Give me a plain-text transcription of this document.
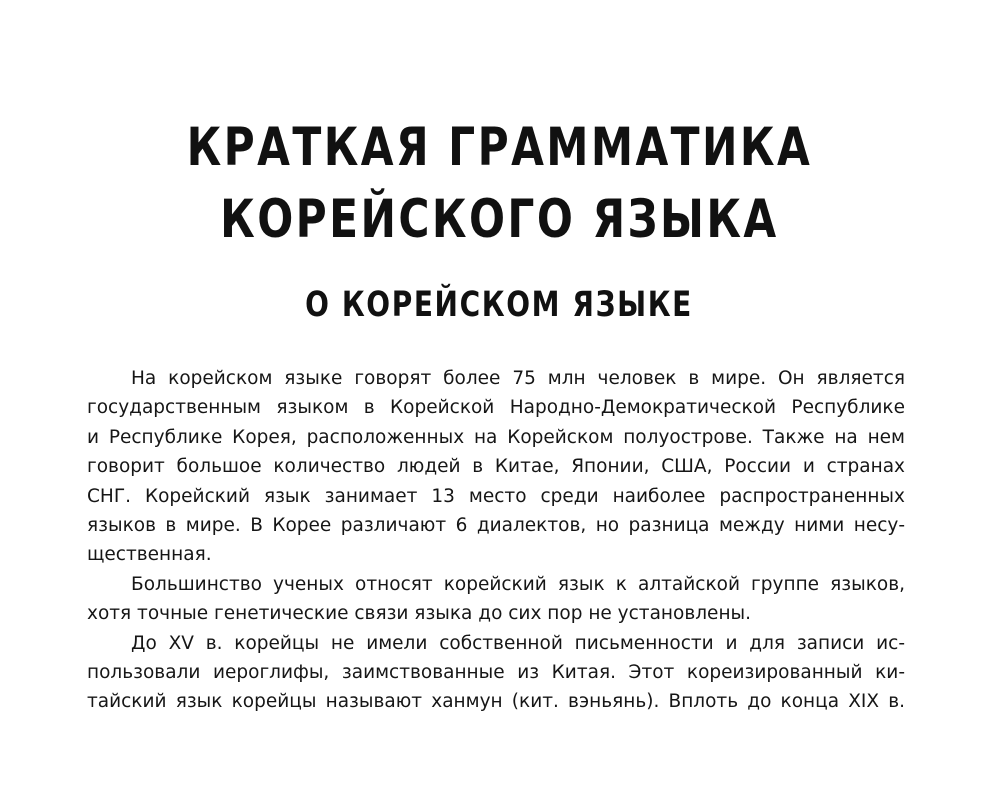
КРАТКАЯ ГРАММАТИКА
КОРЕЙСКОГО ЯЗЫКА
О КОРЕЙСКОМ ЯЗЫКЕ
На корейском языке говорят более 75 млн человек в мире. Он является
государственным языком в Корейской Народно-Демократической Республике
и Республике Корея, расположенных на Корейском полуострове. Также на нем
говорит большое количество людей в Китае, Японии, США, России и странах
СНГ. Корейский язык занимает 13 место среди наиболее распространенных
языков в мире. В Корее различают 6 диалектов, но разница между ними несу-
щественная.
Большинство ученых относят корейский язык к алтайской группе языков,
хотя точные генетические связи языка до сих пор не установлены.
До XV в. корейцы не имели собственной письменности и для записи ис-
пользовали иероглифы, заимствованные из Китая. Этот кореизированный ки-
тайский язык корейцы называют ханмун (кит. вэньянь). Вплоть до конца XIX в.
